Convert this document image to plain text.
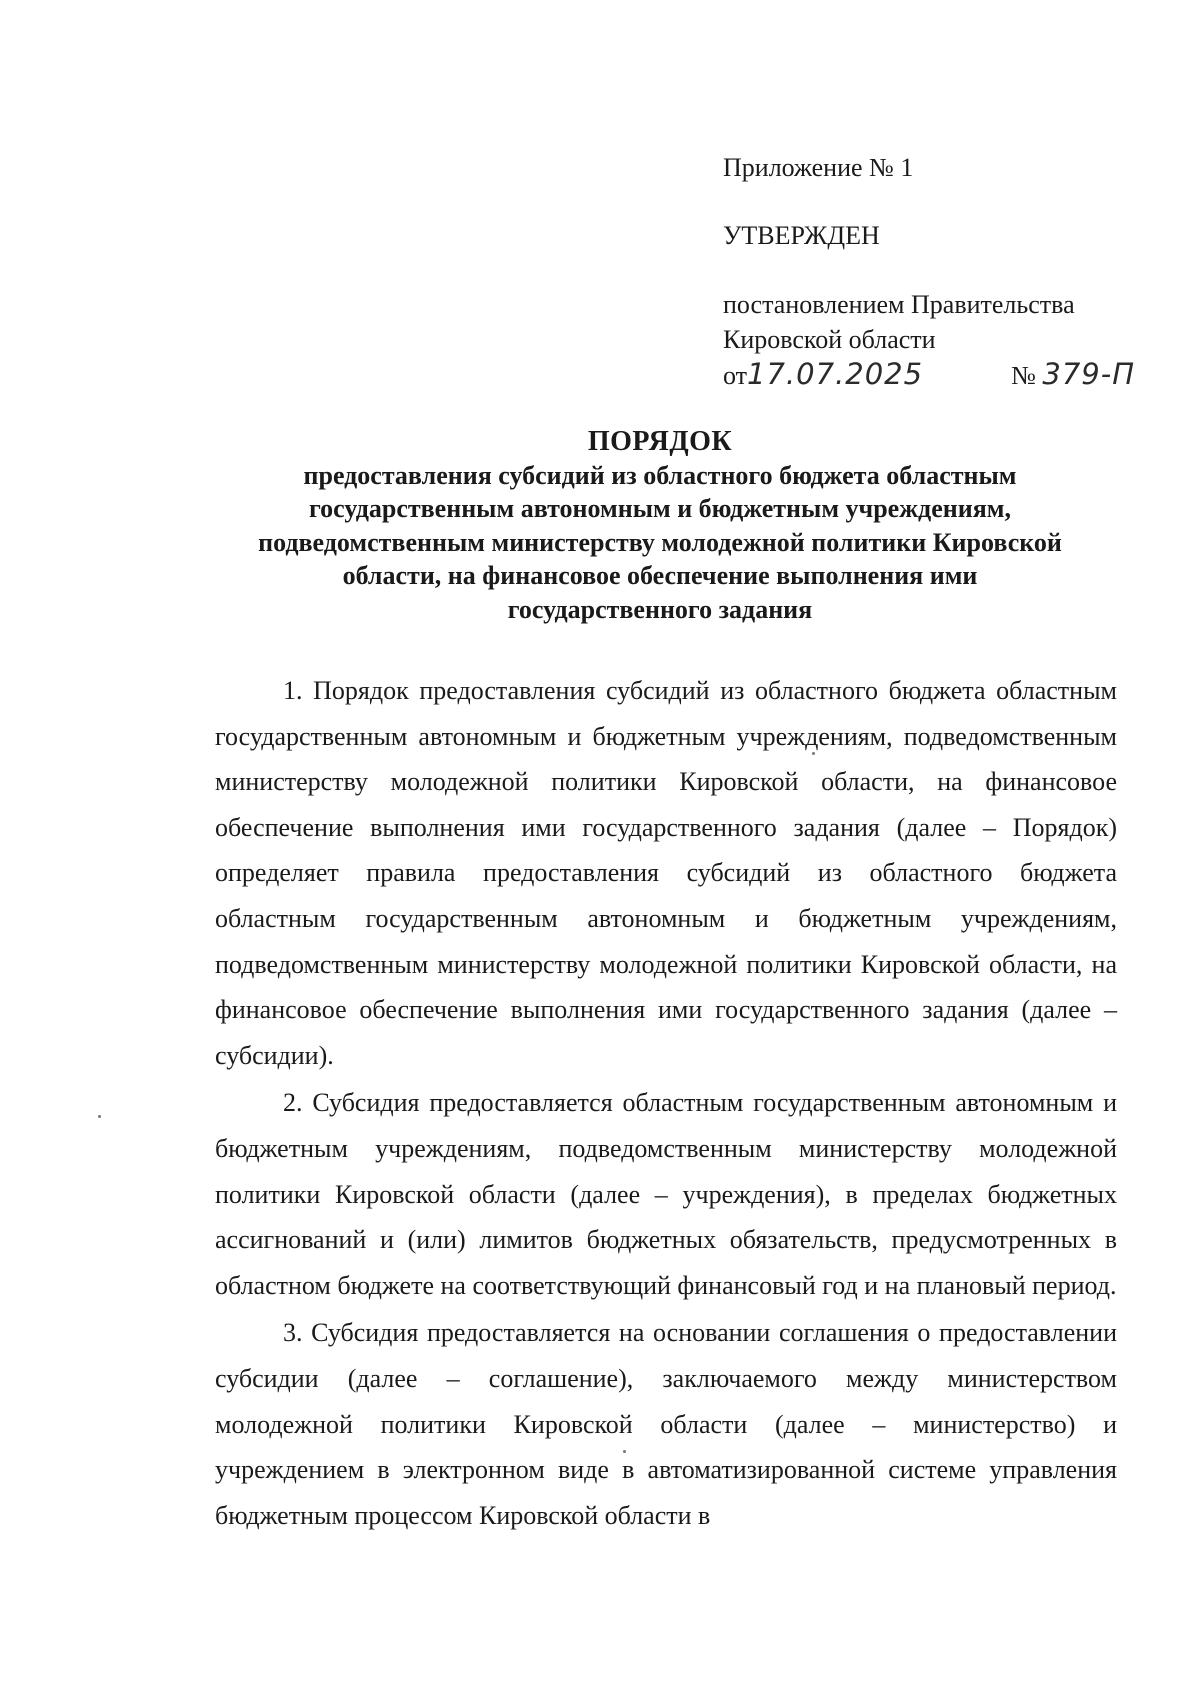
Приложение № 1
УТВЕРЖДЕН
постановлением Правительства
Кировской области
от 17.07.2025	№ 379-П
ПОРЯДОК
предоставления субсидий из областного бюджета областным
государственным автономным и бюджетным учреждениям,
подведомственным министерству молодежной политики Кировской
области, на финансовое обеспечение выполнения ими
государственного задания

1. Порядок предоставления субсидий из областного бюджета областным государственным автономным и бюджетным учреждениям, подведомственным министерству молодежной политики Кировской области, на финансовое обеспечение выполнения ими государственного задания (далее – Порядок) определяет правила предоставления субсидий из областного бюджета областным государственным автономным и бюджетным учреждениям, подведомственным министерству молодежной политики Кировской области, на финансовое обеспечение выполнения ими государственного задания (далее – субсидии).

2. Субсидия предоставляется областным государственным автономным и бюджетным учреждениям, подведомственным министерству молодежной политики Кировской области (далее – учреждения), в пределах бюджетных ассигнований и (или) лимитов бюджетных обязательств, предусмотренных в областном бюджете на соответствующий финансовый год и на плановый период.

3. Субсидия предоставляется на основании соглашения о предоставлении субсидии (далее – соглашение), заключаемого между министерством молодежной политики Кировской области (далее – министерство) и учреждением в электронном виде в автоматизированной системе управления бюджетным процессом Кировской области в
